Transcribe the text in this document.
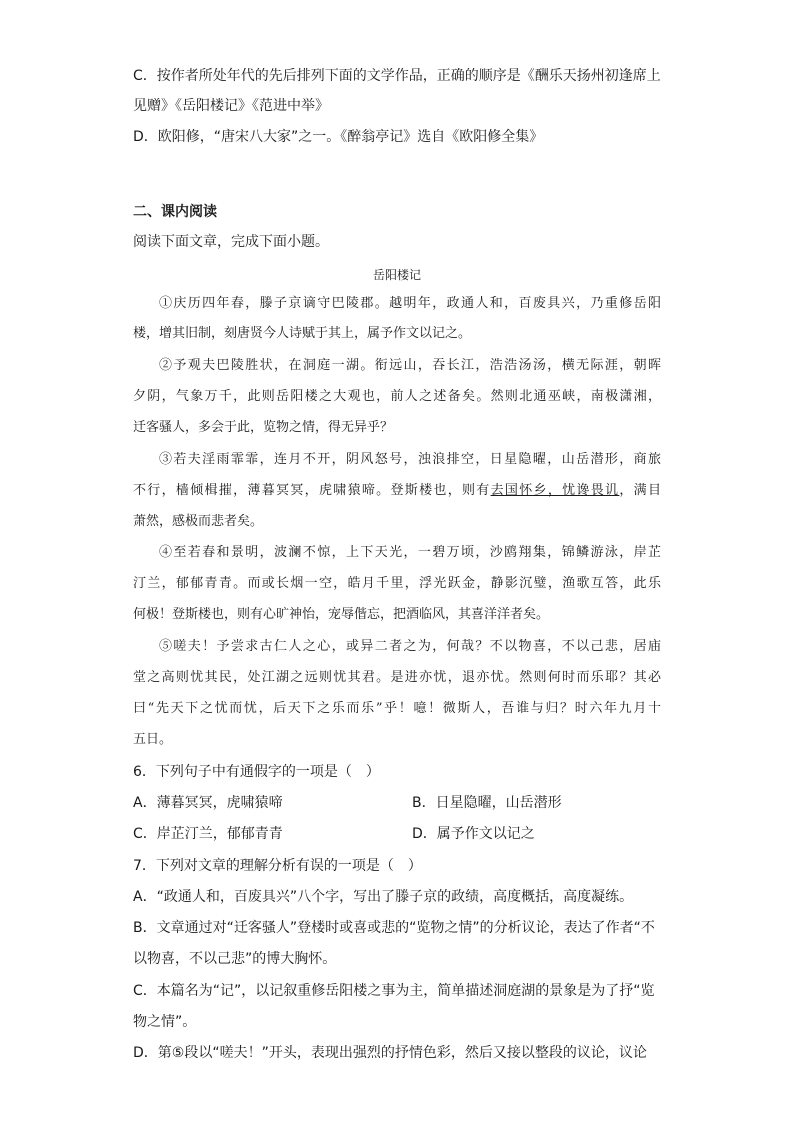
C．按作者所处年代的先后排列下面的文学作品，正确的顺序是《酬乐天扬州初逢席上
见赠》《岳阳楼记》《范进中举》
D．欧阳修，“唐宋八大家”之一。《醉翁亭记》选自《欧阳修全集》
二、课内阅读
阅读下面文章，完成下面小题。
岳阳楼记
①庆历四年春，滕子京谪守巴陵郡。越明年，政通人和，百废具兴，乃重修岳阳
楼，增其旧制，刻唐贤今人诗赋于其上，属予作文以记之。
②予观夫巴陵胜状，在洞庭一湖。衔远山，吞长江，浩浩汤汤，横无际涯，朝晖
夕阴，气象万千，此则岳阳楼之大观也，前人之述备矣。然则北通巫峡，南极潇湘，
迁客骚人，多会于此，览物之情，得无异乎？
③若夫淫雨霏霏，连月不开，阴风怒号，浊浪排空，日星隐曜，山岳潜形，商旅
不行，樯倾楫摧，薄暮冥冥，虎啸猿啼。登斯楼也，则有去国怀乡，忧谗畏讥，满目
萧然，感极而悲者矣。
④至若春和景明，波澜不惊，上下天光，一碧万顷，沙鸥翔集，锦鳞游泳，岸芷
汀兰，郁郁青青。而或长烟一空，皓月千里，浮光跃金，静影沉璧，渔歌互答，此乐
何极！登斯楼也，则有心旷神怡，宠辱偕忘，把酒临风，其喜洋洋者矣。
⑤嗟夫！予尝求古仁人之心，或异二者之为，何哉？不以物喜，不以己悲，居庙
堂之高则忧其民，处江湖之远则忧其君。是进亦忧，退亦忧。然则何时而乐耶？其必
曰“先天下之忧而忧，后天下之乐而乐”乎！噫！微斯人，吾谁与归？时六年九月十
五日。
6．下列句子中有通假字的一项是（　）
A．薄暮冥冥，虎啸猿啼	B．日星隐曜，山岳潜形
C．岸芷汀兰，郁郁青青	D．属予作文以记之
7．下列对文章的理解分析有误的一项是（　）
A．“政通人和，百废具兴”八个字，写出了滕子京的政绩，高度概括，高度凝练。
B．文章通过对“迁客骚人”登楼时或喜或悲的“览物之情”的分析议论，表达了作者“不
以物喜，不以己悲”的博大胸怀。
C．本篇名为“记”，以记叙重修岳阳楼之事为主，简单描述洞庭湖的景象是为了抒“览
物之情”。
D．第⑤段以“嗟夫！”开头，表现出强烈的抒情色彩，然后又接以整段的议论，议论
